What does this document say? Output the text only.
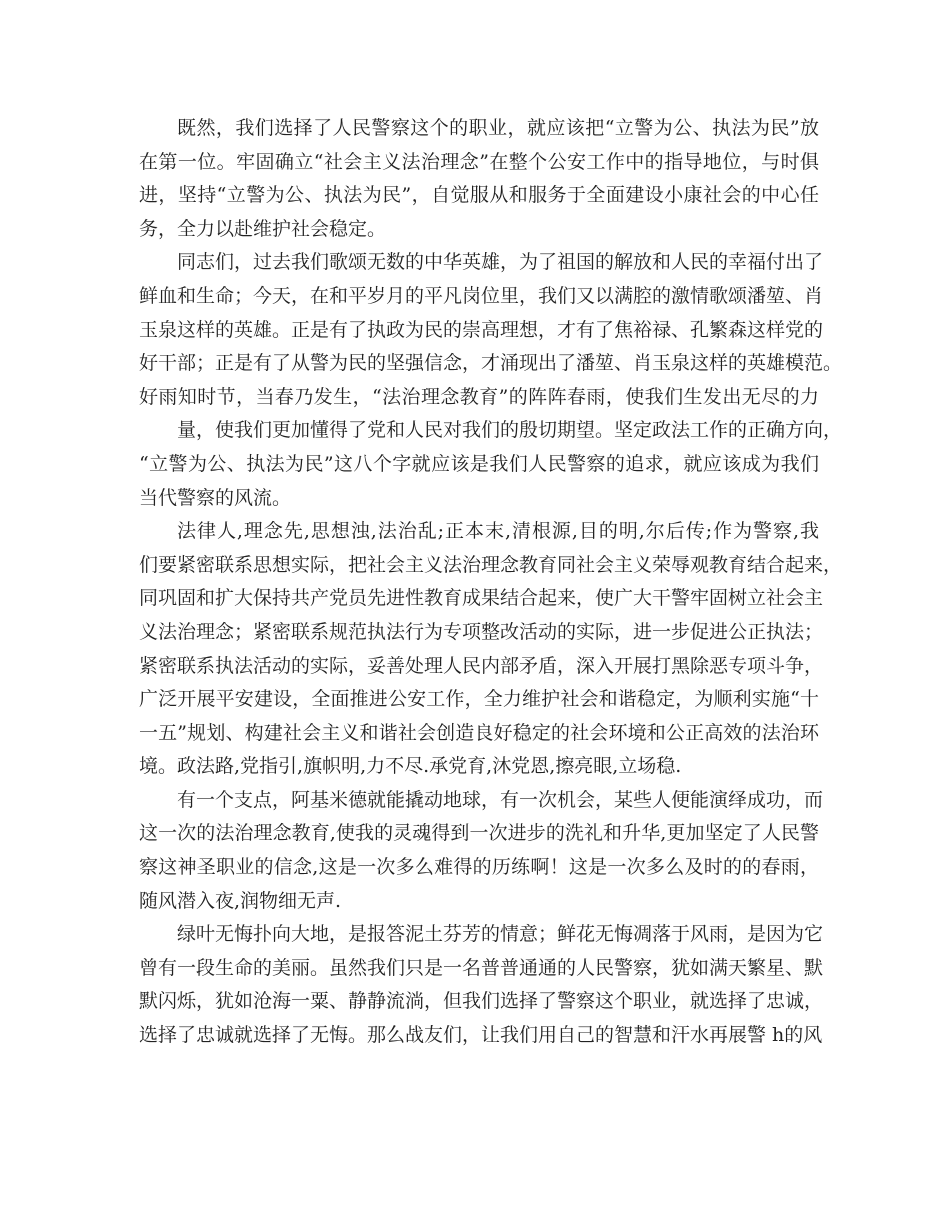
既然，我们选择了人民警察这个的职业，就应该把“立警为公、执法为民”放
在第一位。牢固确立“社会主义法治理念”在整个公安工作中的指导地位，与时俱
进，坚持“立警为公、执法为民”，自觉服从和服务于全面建设小康社会的中心任
务，全力以赴维护社会稳定。

同志们，过去我们歌颂无数的中华英雄，为了祖国的解放和人民的幸福付出了
鲜血和生命；今天，在和平岁月的平凡岗位里，我们又以满腔的激情歌颂潘堃、肖
玉泉这样的英雄。正是有了执政为民的崇高理想，才有了焦裕禄、孔繁森这样党的
好干部；正是有了从警为民的坚强信念，才涌现出了潘堃、肖玉泉这样的英雄模范。
好雨知时节，当春乃发生，“法治理念教育”的阵阵春雨，使我们生发出无尽的力

量，使我们更加懂得了党和人民对我们的殷切期望。坚定政法工作的正确方向，
“立警为公、执法为民”这八个字就应该是我们人民警察的追求，就应该成为我们
当代警察的风流。

法律人,理念先,思想浊,法治乱;正本末,清根源,目的明,尔后传;作为警察,我
们要紧密联系思想实际，把社会主义法治理念教育同社会主义荣辱观教育结合起来，
同巩固和扩大保持共产党员先进性教育成果结合起来，使广大干警牢固树立社会主
义法治理念；紧密联系规范执法行为专项整改活动的实际，进一步促进公正执法；
紧密联系执法活动的实际，妥善处理人民内部矛盾，深入开展打黑除恶专项斗争，
广泛开展平安建设，全面推进公安工作，全力维护社会和谐稳定，为顺利实施“十
一五”规划、构建社会主义和谐社会创造良好稳定的社会环境和公正高效的法治环
境。政法路,党指引,旗帜明,力不尽.承党育,沐党恩,擦亮眼,立场稳.

有一个支点，阿基米德就能撬动地球，有一次机会，某些人便能演绎成功，而
这一次的法治理念教育,使我的灵魂得到一次进步的洗礼和升华,更加坚定了人民警
察这神圣职业的信念,这是一次多么难得的历练啊！这是一次多么及时的的春雨，
随风潜入夜,润物细无声.

绿叶无悔扑向大地，是报答泥土芬芳的情意；鲜花无悔凋落于风雨，是因为它
曾有一段生命的美丽。虽然我们只是一名普普通通的人民警察，犹如满天繁星、默
默闪烁，犹如沧海一粟、静静流淌，但我们选择了警察这个职业，就选择了忠诚，
选择了忠诚就选择了无悔。那么战友们，让我们用自己的智慧和汗水再展警 h的风
